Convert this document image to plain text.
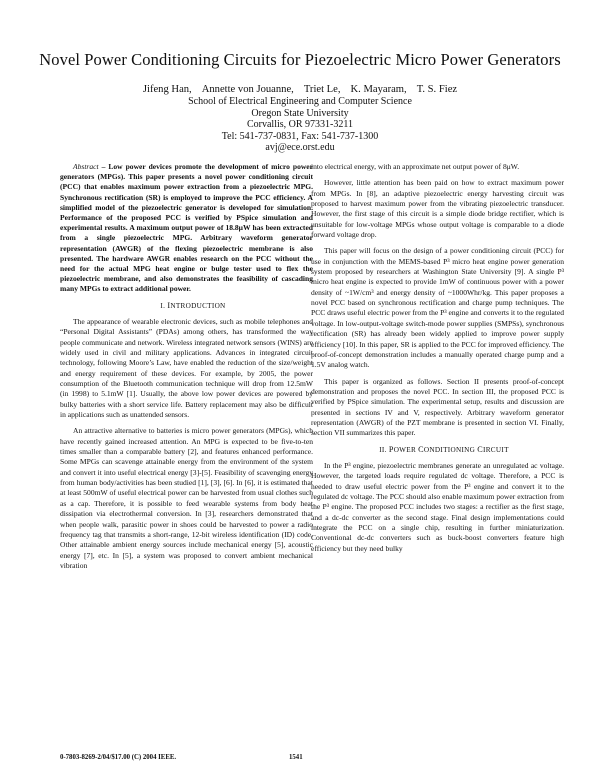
Novel Power Conditioning Circuits for Piezoelectric Micro Power Generators
Jifeng Han, Annette von Jouanne, Triet Le, K. Mayaram, T. S. Fiez
School of Electrical Engineering and Computer Science
Oregon State University
Corvallis, OR 97331-3211
Tel: 541-737-0831, Fax: 541-737-1300
avj@ece.orst.edu

Abstract – Low power devices promote the development of micro power generators (MPGs). This paper presents a novel power conditioning circuit (PCC) that enables maximum power extraction from a piezoelectric MPG. Synchronous rectification (SR) is employed to improve the PCC efficiency. A simplified model of the piezoelectric generator is developed for simulation. Performance of the proposed PCC is verified by PSpice simulation and experimental results. A maximum output power of 18.8μW has been extracted from a single piezoelectric MPG. Arbitrary waveform generator representation (AWGR) of the flexing piezoelectric membrane is also presented. The hardware AWGR enables research on the PCC without the need for the actual MPG heat engine or bulge tester used to flex the piezoelectric membrane, and also demonstrates the feasibility of cascading many MPGs to extract additional power.

I. INTRODUCTION

The appearance of wearable electronic devices, such as mobile telephones and “Personal Digital Assistants” (PDAs) among others, has transformed the way people communicate and network. Wireless integrated network sensors (WINS) are widely used in civil and military applications. Advances in integrated circuit technology, following Moore’s Law, have enabled the reduction of the size/weight and energy requirement of these devices. For example, by 2005, the power consumption of the Bluetooth communication technique will drop from 12.5mW (in 1998) to 5.1mW [1]. Usually, the above low power devices are powered by bulky batteries with a short service life. Battery replacement may also be difficult in applications such as unattended sensors.

An attractive alternative to batteries is micro power generators (MPGs), which have recently gained increased attention. An MPG is expected to be five-to-ten times smaller than a comparable battery [2], and features enhanced performance. Some MPGs can scavenge attainable energy from the environment of the system and convert it into useful electrical energy [3]-[5]. Feasibility of scavenging energy from human body/activities has been studied [1], [3], [6]. In [6], it is estimated that at least 500mW of useful electrical power can be harvested from usual clothes such as a cap. Therefore, it is possible to feed wearable systems from body heat dissipation via electrothermal conversion. In [3], researchers demonstrated that when people walk, parasitic power in shoes could be harvested to power a radio frequency tag that transmits a short-range, 12-bit wireless identification (ID) code. Other attainable ambient energy sources include mechanical energy [5], acoustic energy [7], etc. In [5], a system was proposed to convert ambient mechanical vibration

into electrical energy, with an approximate net output power of 8μW.

However, little attention has been paid on how to extract maximum power from MPGs. In [8], an adaptive piezoelectric energy harvesting circuit was proposed to harvest maximum power from the vibrating piezoelectric transducer. However, the first stage of this circuit is a simple diode bridge rectifier, which is unsuitable for low-voltage MPGs whose output voltage is comparable to a diode forward voltage drop.

This paper will focus on the design of a power conditioning circuit (PCC) for use in conjunction with the MEMS-based P³ micro heat engine power generation system proposed by researchers at Washington State University [9]. A single P³ micro heat engine is expected to provide 1mW of continuous power with a power density of ~1W/cm³ and energy density of ~1000Whr/kg. This paper proposes a novel PCC based on synchronous rectification and charge pump techniques. The PCC draws useful electric power from the P³ engine and converts it to the regulated voltage. In low-output-voltage switch-mode power supplies (SMPSs), synchronous rectification (SR) has already been widely applied to improve power supply efficiency [10]. In this paper, SR is applied to the PCC for improved efficiency. The proof-of-concept demonstration includes a manually operated charge pump and a 1.5V analog watch.

This paper is organized as follows. Section II presents proof-of-concept demonstration and proposes the novel PCC. In section III, the proposed PCC is verified by PSpice simulation. The experimental setup, results and discussion are presented in sections IV and V, respectively. Arbitrary waveform generator representation (AWGR) of the PZT membrane is presented in section VI. Finally, section VII summarizes this paper.

II. POWER CONDITIONING CIRCUIT

In the P³ engine, piezoelectric membranes generate an unregulated ac voltage. However, the targeted loads require regulated dc voltage. Therefore, a PCC is needed to draw useful electric power from the P³ engine and convert it to the regulated dc voltage. The PCC should also enable maximum power extraction from the P³ engine. The proposed PCC includes two stages: a rectifier as the first stage, and a dc-dc converter as the second stage. Final design implementations could integrate the PCC on a single chip, resulting in further miniaturization. Conventional dc-dc converters such as buck-boost converters feature high efficiency but they need bulky

0-7803-8269-2/04/$17.00 (C) 2004 IEEE.	1541
